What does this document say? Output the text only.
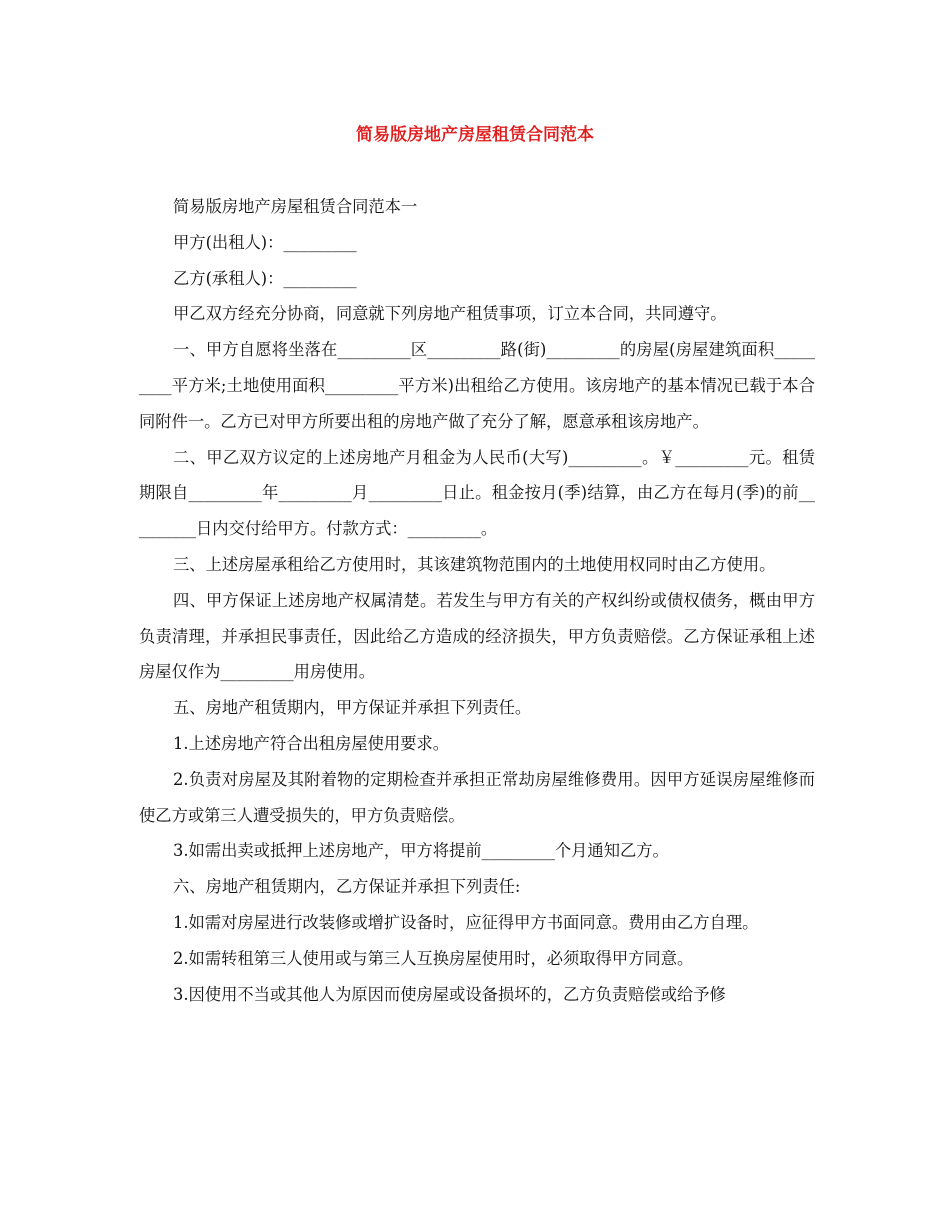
简易版房地产房屋租赁合同范本

简易版房地产房屋租赁合同范本一

甲方(出租人)：_________

乙方(承租人)：_________

甲乙双方经充分协商，同意就下列房地产租赁事项，订立本合同，共同遵守。

一、甲方自愿将坐落在_________区_________路(街)_________的房屋(房屋建筑面积_________平方米;土地使用面积_________平方米)出租给乙方使用。该房地产的基本情况已载于本合同附件一。乙方已对甲方所要出租的房地产做了充分了解，愿意承租该房地产。

二、甲乙双方议定的上述房地产月租金为人民币(大写)_________。￥_________元。租赁期限自_________年_________月_________日止。租金按月(季)结算，由乙方在每月(季)的前_________日内交付给甲方。付款方式：_________。

三、上述房屋承租给乙方使用时，其该建筑物范围内的土地使用权同时由乙方使用。

四、甲方保证上述房地产权属清楚。若发生与甲方有关的产权纠纷或债权债务，概由甲方负责清理，并承担民事责任，因此给乙方造成的经济损失，甲方负责赔偿。乙方保证承租上述房屋仅作为_________用房使用。

五、房地产租赁期内，甲方保证并承担下列责任。

1.上述房地产符合出租房屋使用要求。

2.负责对房屋及其附着物的定期检查并承担正常劫房屋维修费用。因甲方延误房屋维修而使乙方或第三人遭受损失的，甲方负责赔偿。

3.如需出卖或抵押上述房地产，甲方将提前_________个月通知乙方。

六、房地产租赁期内，乙方保证并承担下列责任:

1.如需对房屋进行改装修或增扩设备时，应征得甲方书面同意。费用由乙方自理。

2.如需转租第三人使用或与第三人互换房屋使用时，必须取得甲方同意。

3.因使用不当或其他人为原因而使房屋或设备损坏的，乙方负责赔偿或给予修
